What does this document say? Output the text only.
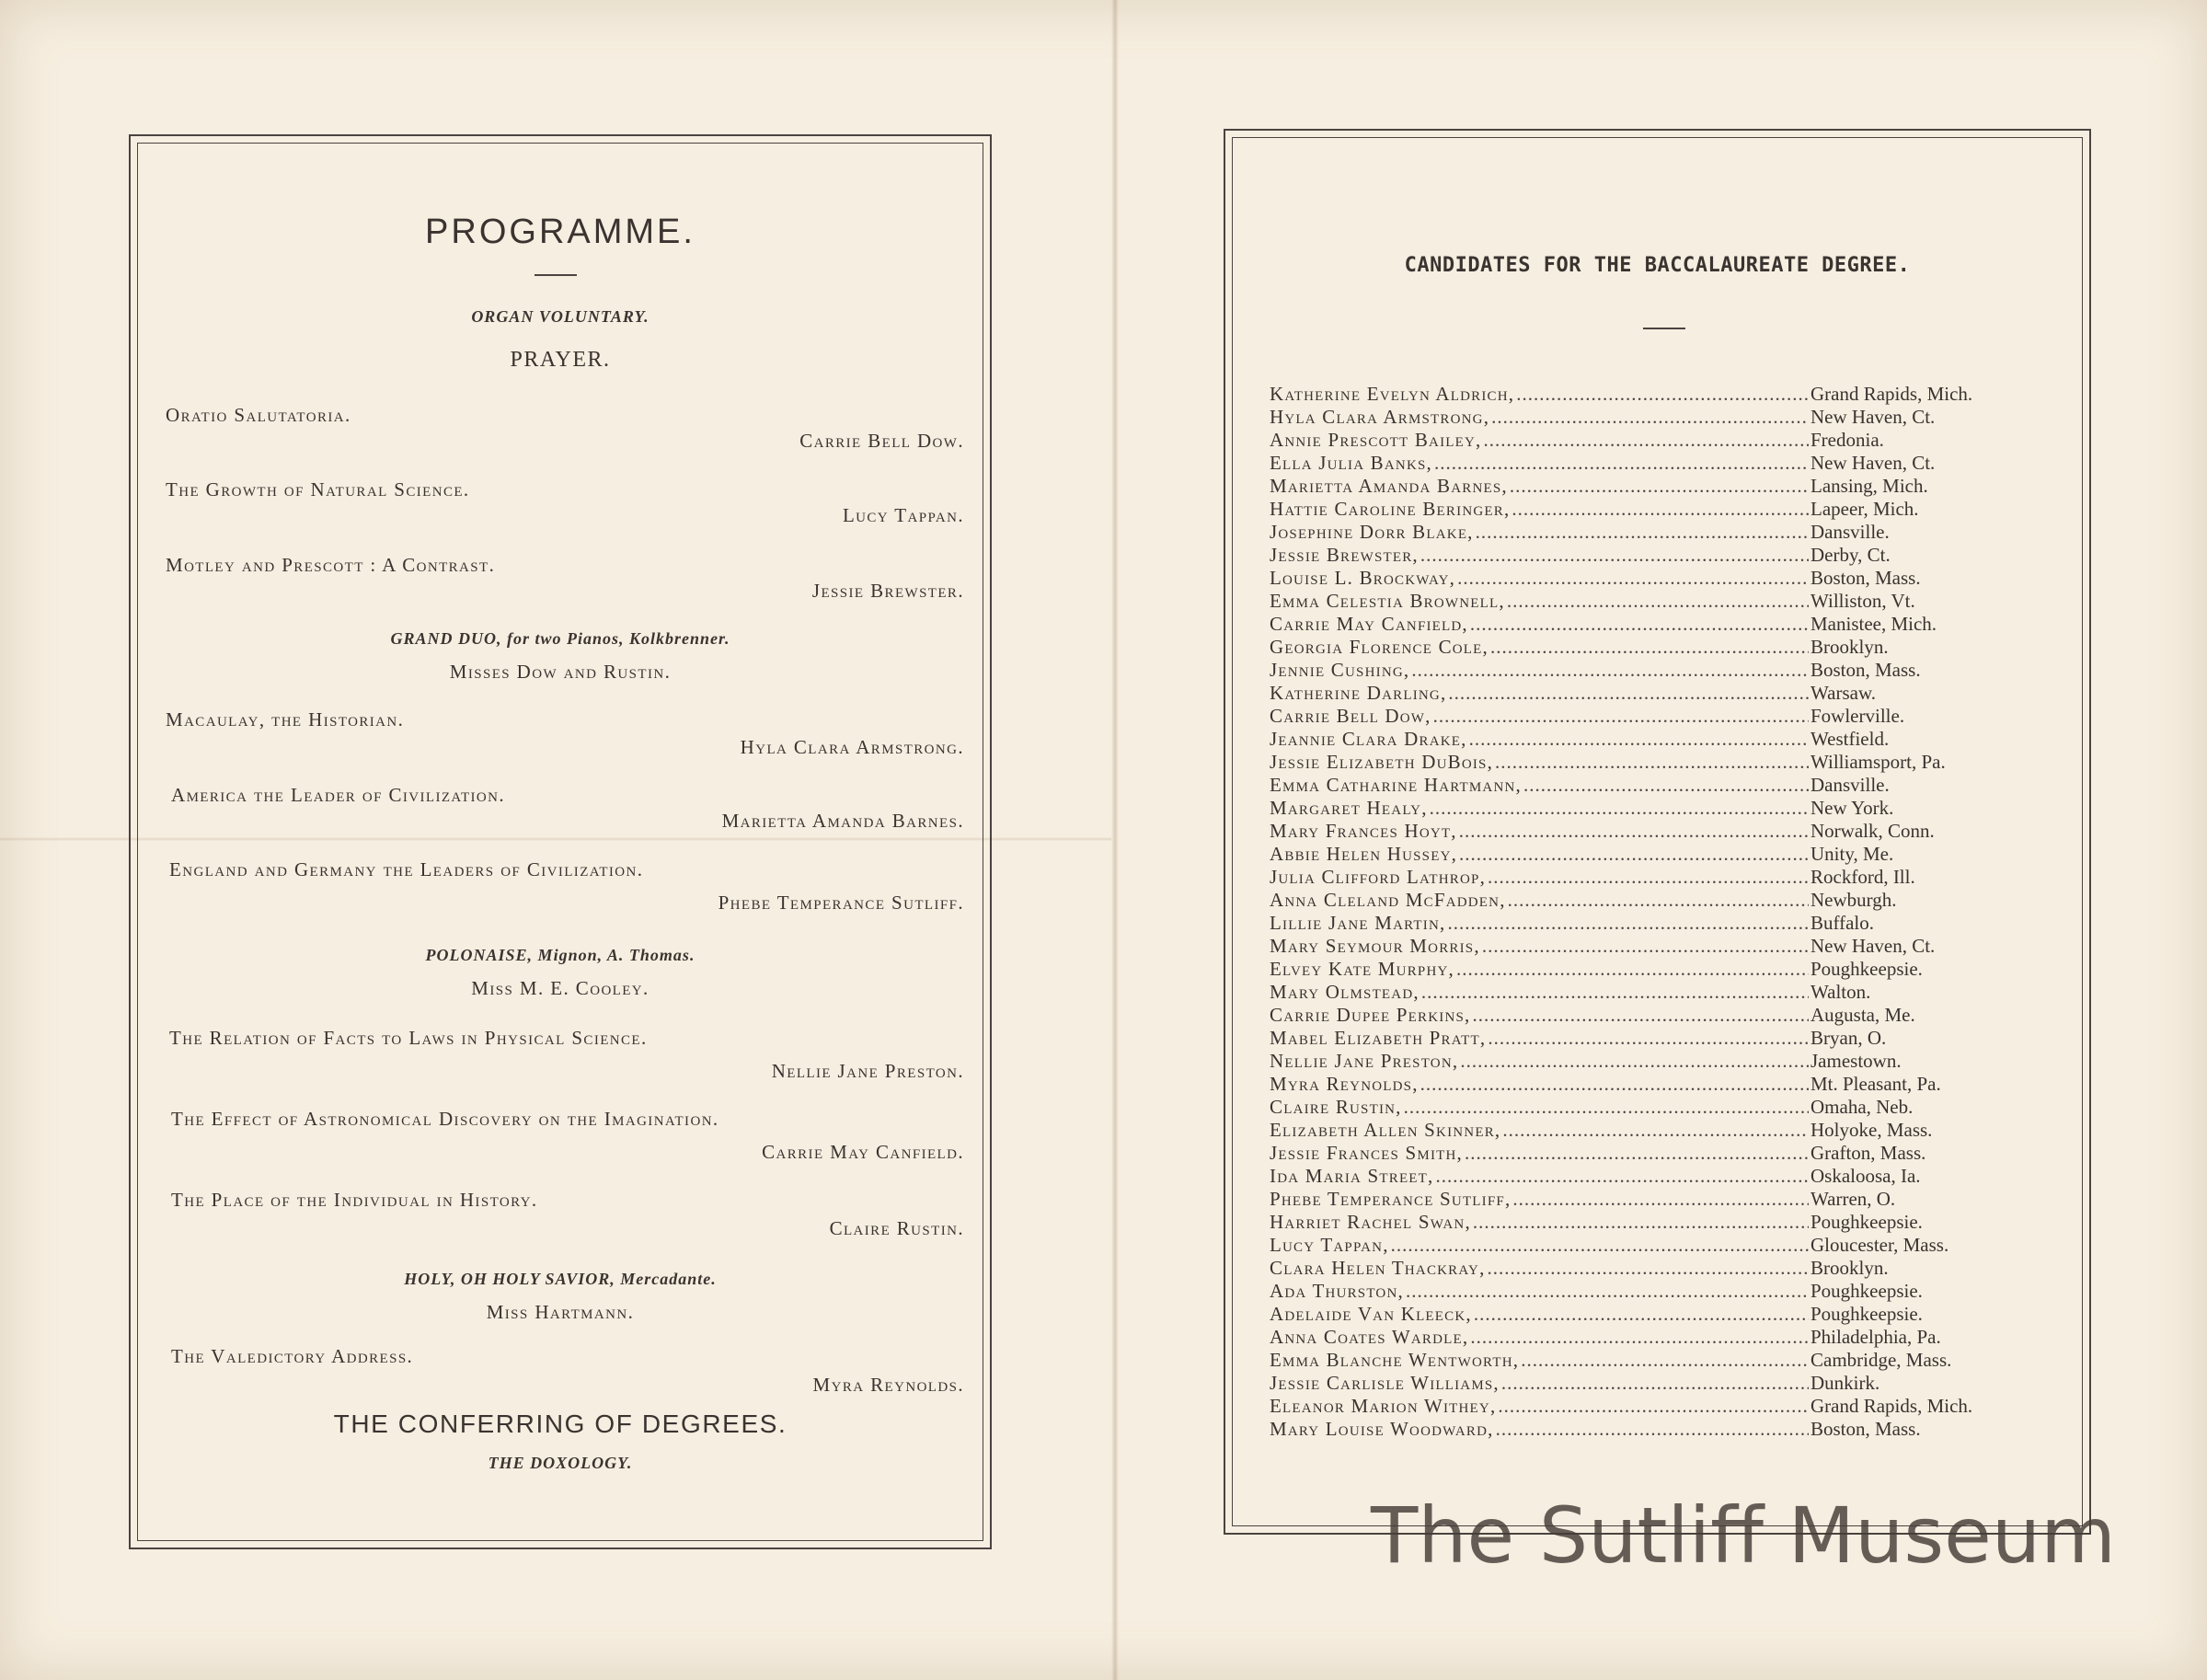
PROGRAMME.
ORGAN VOLUNTARY.
PRAYER.
Oratio Salutatoria.
Carrie Bell Dow.
The Growth of Natural Science.
Lucy Tappan.
Motley and Prescott : A Contrast.
Jessie Brewster.
GRAND DUO, for two Pianos, Kolkbrenner.
Misses Dow and Rustin.
Macaulay, the Historian.
Hyla Clara Armstrong.
America the Leader of Civilization.
Marietta Amanda Barnes.
England and Germany the Leaders of Civilization.
Phebe Temperance Sutliff.
POLONAISE, Mignon, A. Thomas.
Miss M. E. Cooley.
The Relation of Facts to Laws in Physical Science.
Nellie Jane Preston.
The Effect of Astronomical Discovery on the Imagination.
Carrie May Canfield.
The Place of the Individual in History.
Claire Rustin.
HOLY, OH HOLY SAVIOR, Mercadante.
Miss Hartmann.
The Valedictory Address.
Myra Reynolds.
THE CONFERRING OF DEGREES.
THE DOXOLOGY.
CANDIDATES FOR THE BACCALAUREATE DEGREE.
Katherine Evelyn Aldrich, .....	Grand Rapids, Mich.
Hyla Clara Armstrong, .....	New Haven, Ct.
Annie Prescott Bailey, .....	Fredonia.
Ella Julia Banks, .....	New Haven, Ct.
Marietta Amanda Barnes, .....	Lansing, Mich.
Hattie Caroline Beringer, .....	Lapeer, Mich.
Josephine Dorr Blake, .....	Dansville.
Jessie Brewster, .....	Derby, Ct.
Louise L. Brockway, .....	Boston, Mass.
Emma Celestia Brownell, .....	Williston, Vt.
Carrie May Canfield, .....	Manistee, Mich.
Georgia Florence Cole, .....	Brooklyn.
Jennie Cushing, .....	Boston, Mass.
Katherine Darling, .....	Warsaw.
Carrie Bell Dow, .....	Fowlerville.
Jeannie Clara Drake, .....	Westfield.
Jessie Elizabeth DuBois, .....	Williamsport, Pa.
Emma Catharine Hartmann, .....	Dansville.
Margaret Healy, .....	New York.
Mary Frances Hoyt, .....	Norwalk, Conn.
Abbie Helen Hussey, .....	Unity, Me.
Julia Clifford Lathrop, .....	Rockford, Ill.
Anna Cleland McFadden, .....	Newburgh.
Lillie Jane Martin, .....	Buffalo.
Mary Seymour Morris, .....	New Haven, Ct.
Elvey Kate Murphy, .....	Poughkeepsie.
Mary Olmstead, .....	Walton.
Carrie Dupee Perkins, .....	Augusta, Me.
Mabel Elizabeth Pratt, .....	Bryan, O.
Nellie Jane Preston, .....	Jamestown.
Myra Reynolds, .....	Mt. Pleasant, Pa.
Claire Rustin, .....	Omaha, Neb.
Elizabeth Allen Skinner, .....	Holyoke, Mass.
Jessie Frances Smith, .....	Grafton, Mass.
Ida Maria Street, .....	Oskaloosa, Ia.
Phebe Temperance Sutliff, .....	Warren, O.
Harriet Rachel Swan, .....	Poughkeepsie.
Lucy Tappan, .....	Gloucester, Mass.
Clara Helen Thackray, .....	Brooklyn.
Ada Thurston, .....	Poughkeepsie.
Adelaide Van Kleeck, .....	Poughkeepsie.
Anna Coates Wardle, .....	Philadelphia, Pa.
Emma Blanche Wentworth, .....	Cambridge, Mass.
Jessie Carlisle Williams, .....	Dunkirk.
Eleanor Marion Withey, .....	Grand Rapids, Mich.
Mary Louise Woodward, .....	Boston, Mass.
The Sutliff Museum
